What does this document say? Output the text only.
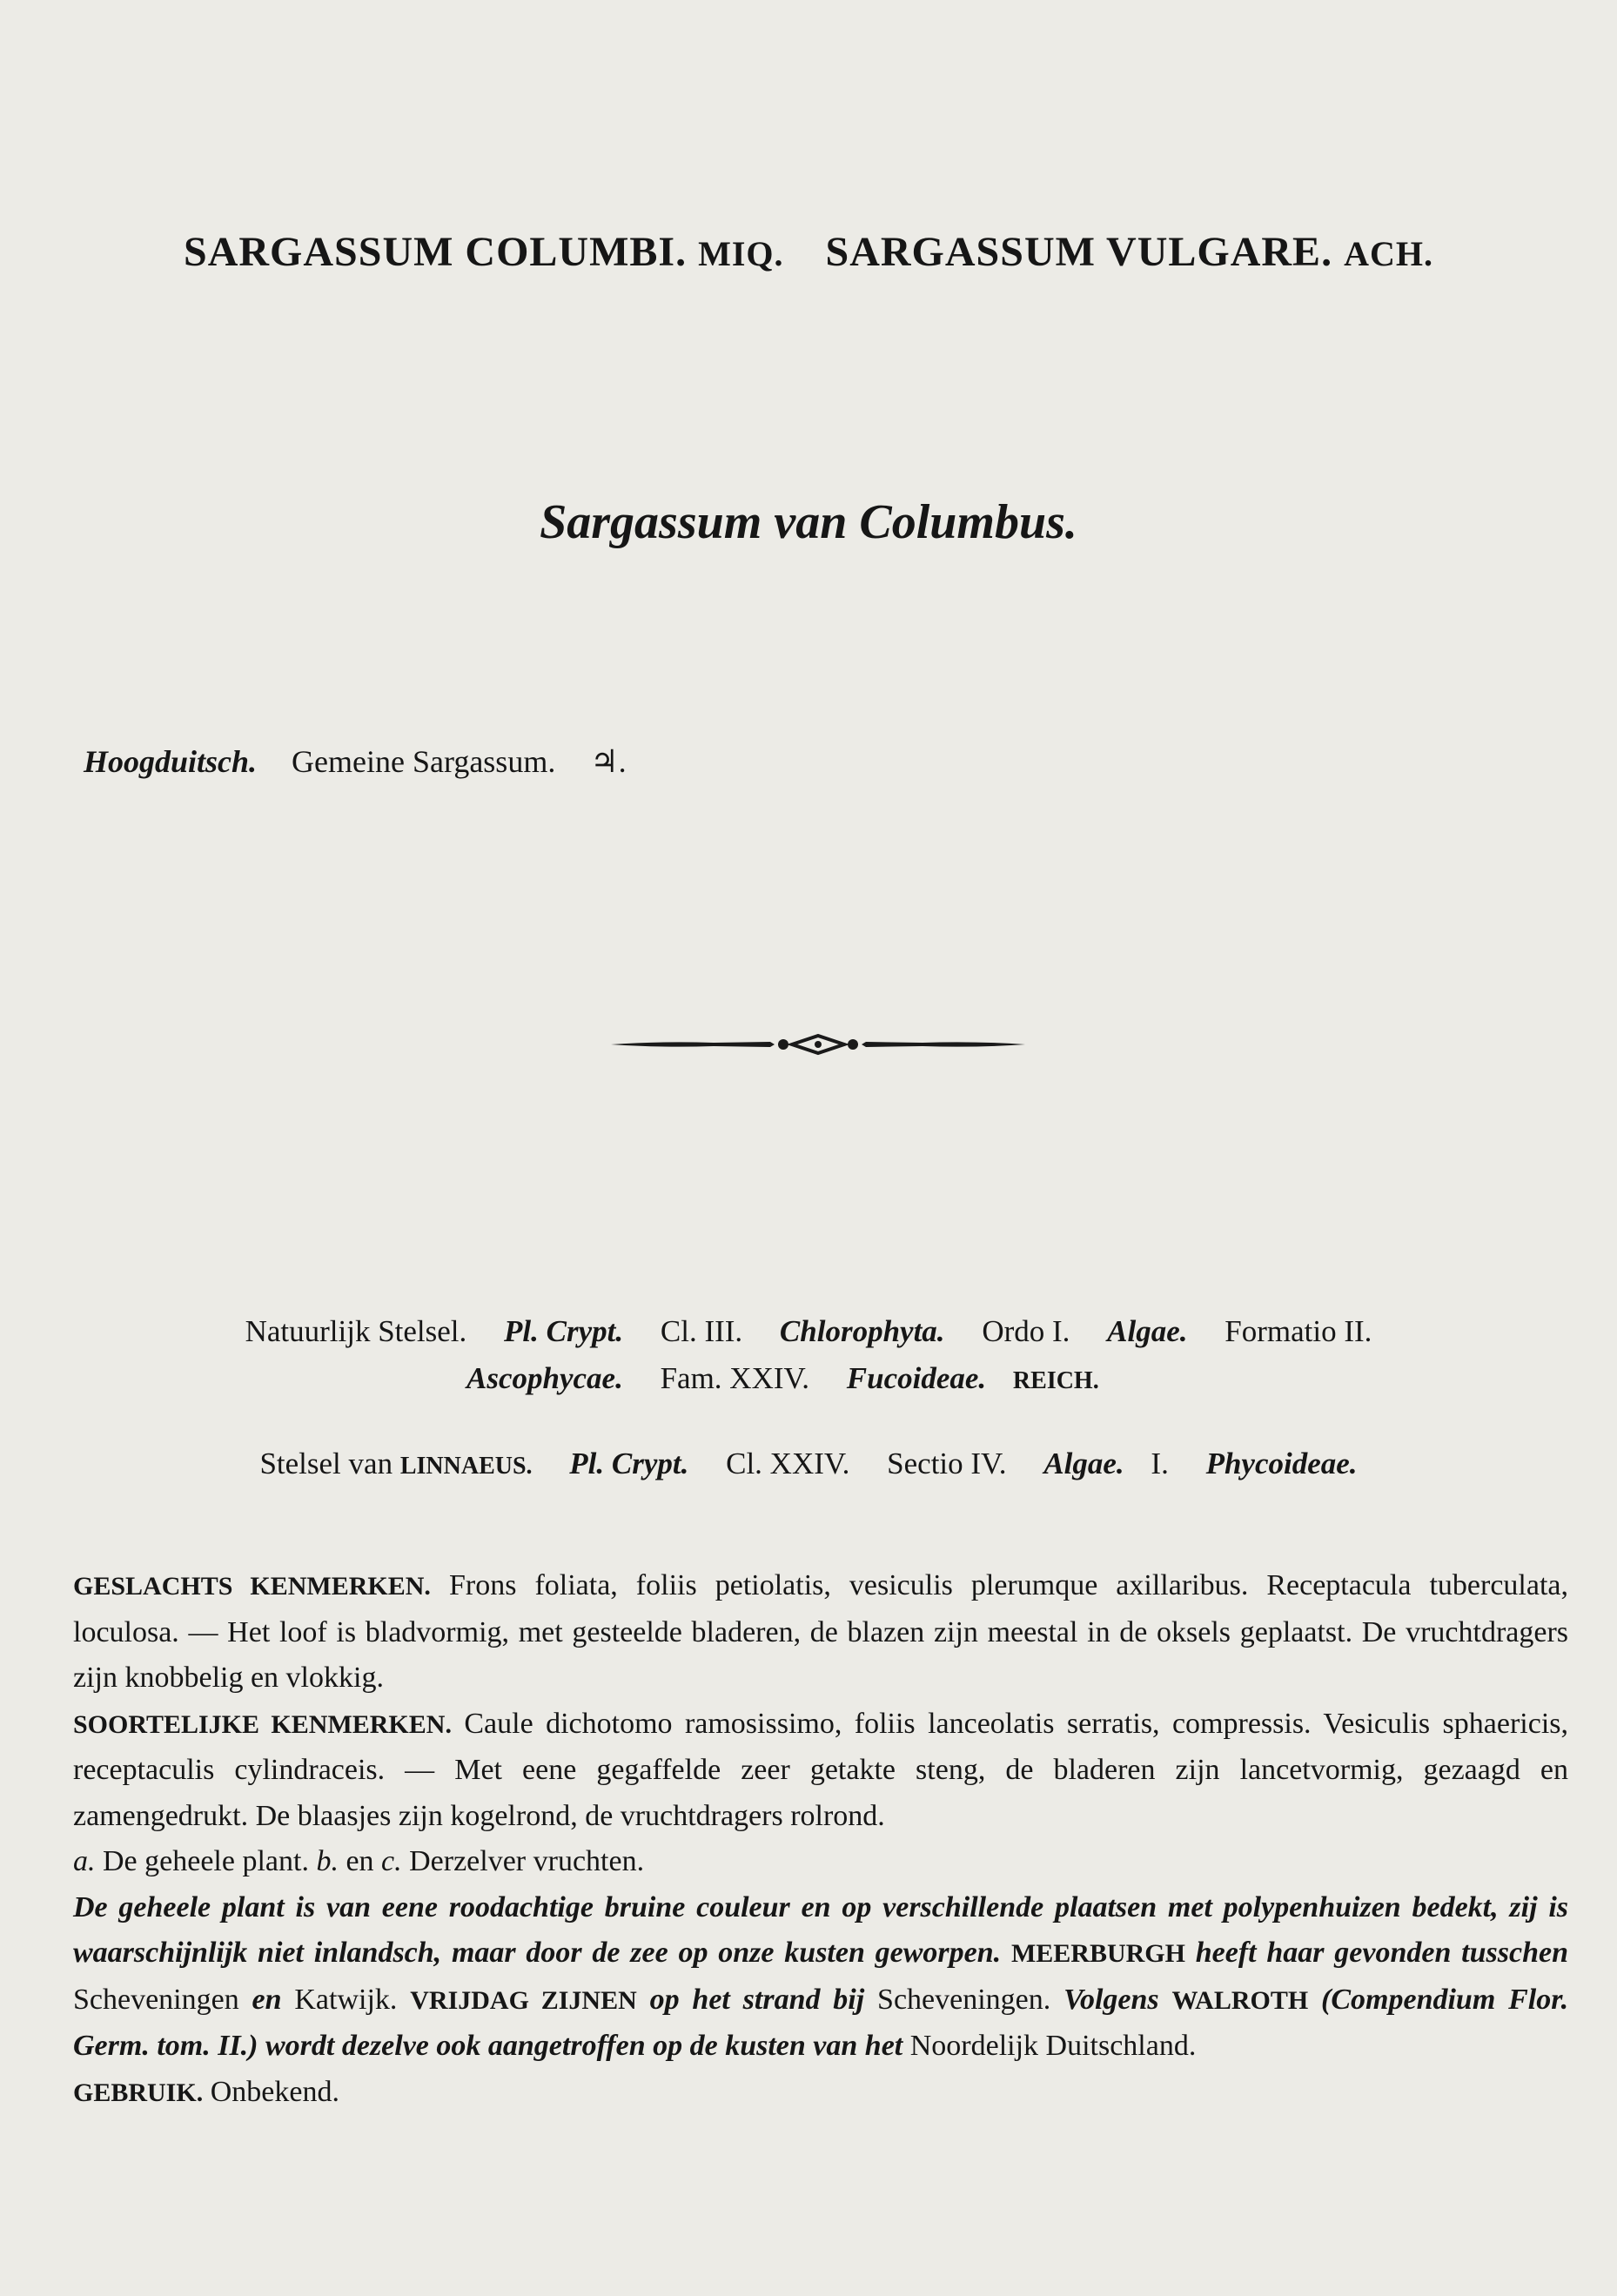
SARGASSUM COLUMBI. MIQ. SARGASSUM VULGARE. ACH.
Sargassum van Columbus.
Hoogduitsch. Gemeine Sargassum. ♃.
Natuurlijk Stelsel. Pl. Crypt. Cl. III. Chlorophyta. Ordo I. Algae. Formatio II.
Ascophycae. Fam. XXIV. Fucoideae. REICH.
Stelsel van LINNAEUS. Pl. Crypt. Cl. XXIV. Sectio IV. Algae. I. Phycoideae.

GESLACHTS KENMERKEN. Frons foliata, foliis petiolatis, vesiculis plerumque axillaribus. Receptacula tuberculata, loculosa. — Het loof is bladvormig, met gesteelde bladeren, de blazen zijn meestal in de oksels geplaatst. De vruchtdragers zijn knobbelig en vlokkig.

SOORTELIJKE KENMERKEN. Caule dichotomo ramosissimo, foliis lanceolatis serratis, compressis. Vesiculis sphaericis, receptaculis cylindraceis. — Met eene gegaffelde zeer getakte steng, de bladeren zijn lancetvormig, gezaagd en zamengedrukt. De blaasjes zijn kogelrond, de vruchtdragers rolrond.

a. De geheele plant. b. en c. Derzelver vruchten.

De geheele plant is van eene roodachtige bruine couleur en op verschillende plaatsen met polypenhuizen bedekt, zij is waarschijnlijk niet inlandsch, maar door de zee op onze kusten geworpen. MEERBURGH heeft haar gevonden tusschen Scheveningen en Katwijk. VRIJDAG ZIJNEN op het strand bij Scheveningen. Volgens WALROTH (Compendium Flor. Germ. tom. II.) wordt dezelve ook aangetroffen op de kusten van het Noordelijk Duitschland.

GEBRUIK. Onbekend.
